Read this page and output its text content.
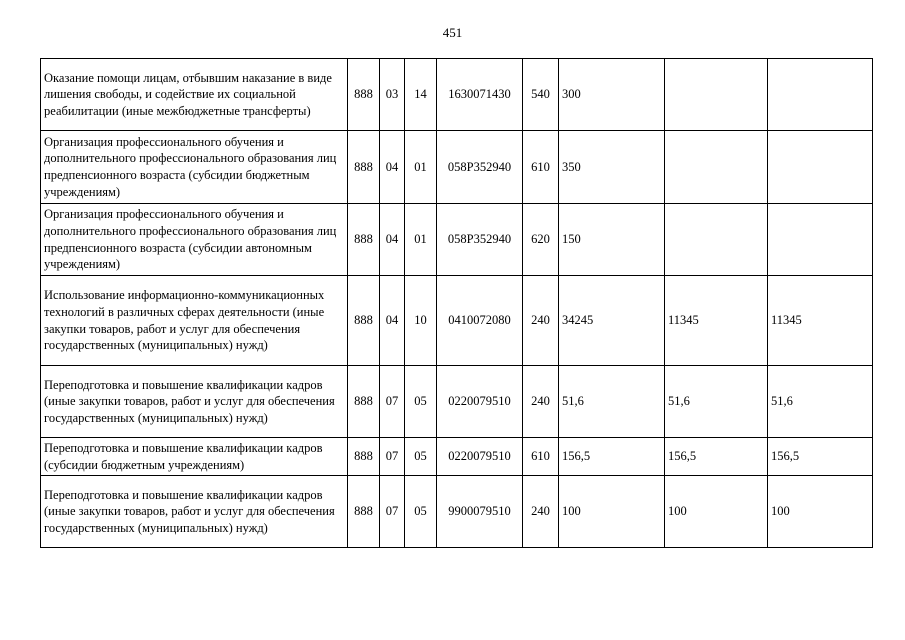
451
Оказание помощи лицам, отбывшим наказание в виде лишения свободы, и содействие их социальной реабилитации (иные межбюджетные трансферты)	888	03	14	1630071430	540	300		
Организация профессионального обучения и дополнительного профессионального образования лиц предпенсионного возраста (субсидии бюджетным учреждениям)	888	04	01	058P352940	610	350		
Организация профессионального обучения и дополнительного профессионального образования лиц предпенсионного возраста (субсидии автономным учреждениям)	888	04	01	058P352940	620	150		
Использование информационно-коммуникационных технологий в различных сферах деятельности (иные закупки товаров, работ и услуг для обеспечения государственных (муниципальных) нужд)	888	04	10	0410072080	240	34245	11345	11345
Переподготовка и повышение квалификации кадров (иные закупки товаров, работ и услуг для обеспечения государственных (муниципальных) нужд)	888	07	05	0220079510	240	51,6	51,6	51,6
Переподготовка и повышение квалификации кадров (субсидии бюджетным учреждениям)	888	07	05	0220079510	610	156,5	156,5	156,5
Переподготовка и повышение квалификации кадров (иные закупки товаров, работ и услуг для обеспечения государственных (муниципальных) нужд)	888	07	05	9900079510	240	100	100	100
